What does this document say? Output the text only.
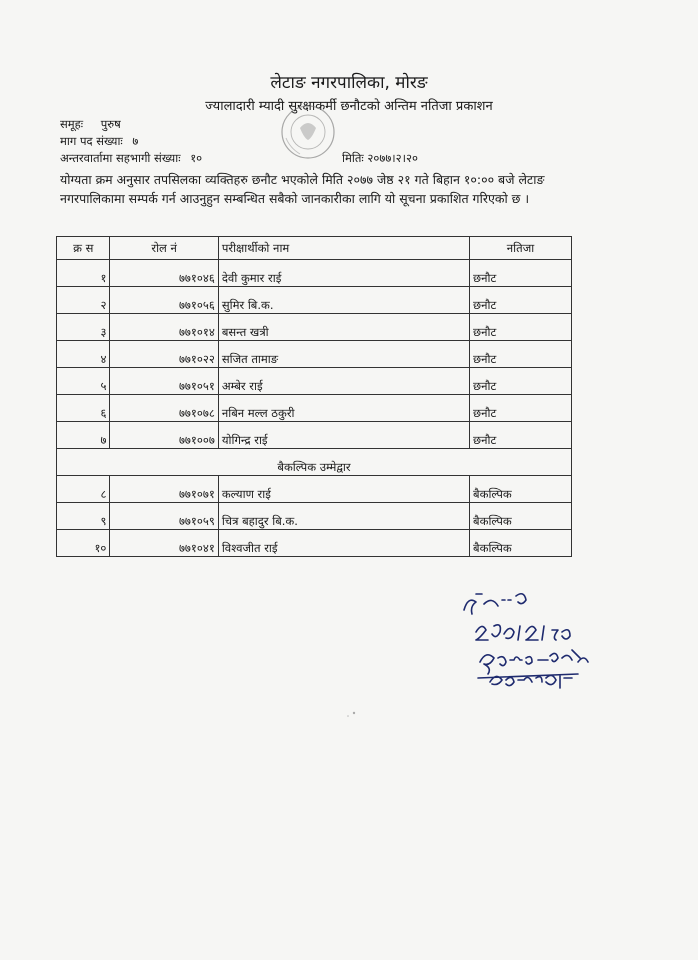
लेटाङ नगरपालिका, मोरङ
ज्यालादारी म्यादी सुरक्षाकर्मी छनौटको अन्तिम नतिजा प्रकाशन
समूहः पुरुष
माग पद संख्याः ७
अन्तरवार्तामा सहभागी संख्याः १०	मितिः २०७७।२।२०
योग्यता क्रम अनुसार तपसिलका व्यक्तिहरु छनौट भएकोले मिति २०७७ जेष्ठ २१ गते बिहान १०:०० बजे लेटाङ नगरपालिकामा सम्पर्क गर्न आउनुहुन सम्बन्धित सबैको जानकारीका लागि यो सूचना प्रकाशित गरिएको छ ।
क्र स	रोल नं	परीक्षार्थीको नाम	नतिजा
१	७७१०४६	देवी कुमार राई	छनौट
२	७७१०५६	सुमिर बि.क.	छनौट
३	७७१०१४	बसन्त खत्री	छनौट
४	७७१०२२	सजित तामाङ	छनौट
५	७७१०५१	अम्बेर राई	छनौट
६	७७१०७८	नबिन मल्ल ठकुरी	छनौट
७	७७१००७	योगिन्द्र राई	छनौट
बैकल्पिक उम्मेद्वार			
८	७७१०७१	कल्याण राई	बैकल्पिक
९	७७१०५९	चित्र बहादुर बि.क.	बैकल्पिक
१०	७७१०४१	विश्वजीत राई	बैकल्पिक
